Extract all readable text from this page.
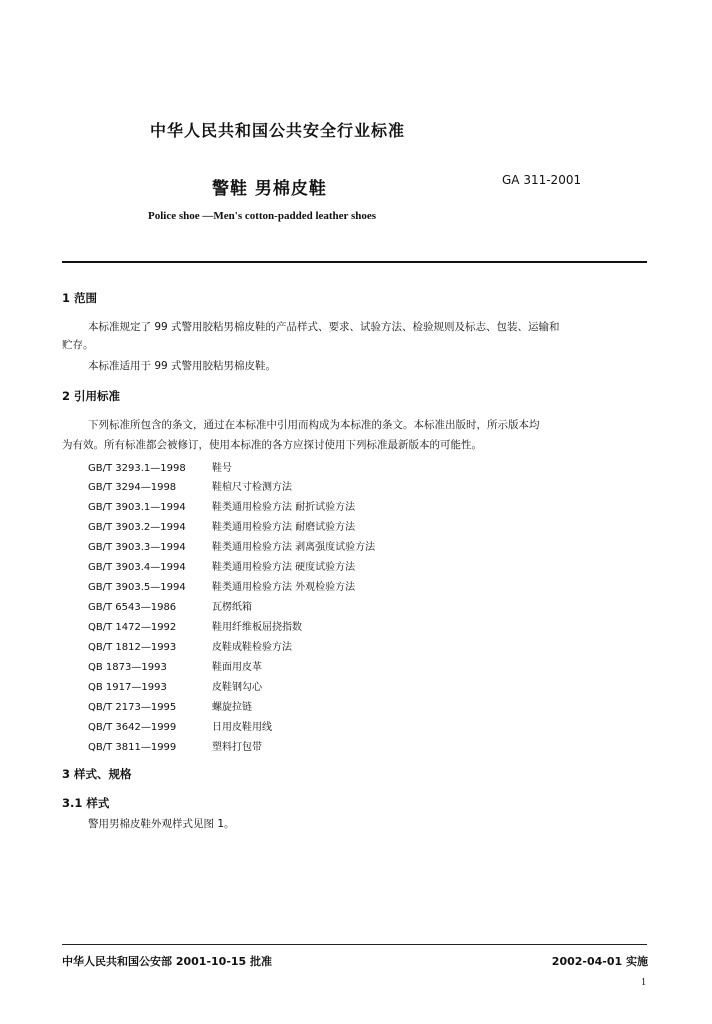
中华人民共和国公共安全行业标准
警鞋 男棉皮鞋	GA 311-2001
Police shoe —Men's cotton-padded leather shoes
1 范围
本标准规定了 99 式警用胶粘男棉皮鞋的产品样式、要求、试验方法、检验规则及标志、包装、运输和
贮存。
本标准适用于 99 式警用胶粘男棉皮鞋。
2 引用标准
下列标准所包含的条文，通过在本标准中引用而构成为本标准的条文。本标准出版时，所示版本均
为有效。所有标准都会被修订，使用本标准的各方应探讨使用下列标准最新版本的可能性。
GB/T 3293.1—1998	鞋号
GB/T 3294—1998	鞋楦尺寸检测方法
GB/T 3903.1—1994	鞋类通用检验方法 耐折试验方法
GB/T 3903.2—1994	鞋类通用检验方法 耐磨试验方法
GB/T 3903.3—1994	鞋类通用检验方法 剥离强度试验方法
GB/T 3903.4—1994	鞋类通用检验方法 硬度试验方法
GB/T 3903.5—1994	鞋类通用检验方法 外观检验方法
GB/T 6543—1986	瓦楞纸箱
QB/T 1472—1992	鞋用纤维板屈挠指数
QB/T 1812—1993	皮鞋成鞋检验方法
QB 1873—1993	鞋面用皮革
QB 1917—1993	皮鞋钢勾心
QB/T 2173—1995	螺旋拉链
QB/T 3642—1999	日用皮鞋用线
QB/T 3811—1999	塑料打包带
3 样式、规格
3.1 样式
警用男棉皮鞋外观样式见图 1。
中华人民共和国公安部 2001-10-15 批准	2002-04-01 实施
1
